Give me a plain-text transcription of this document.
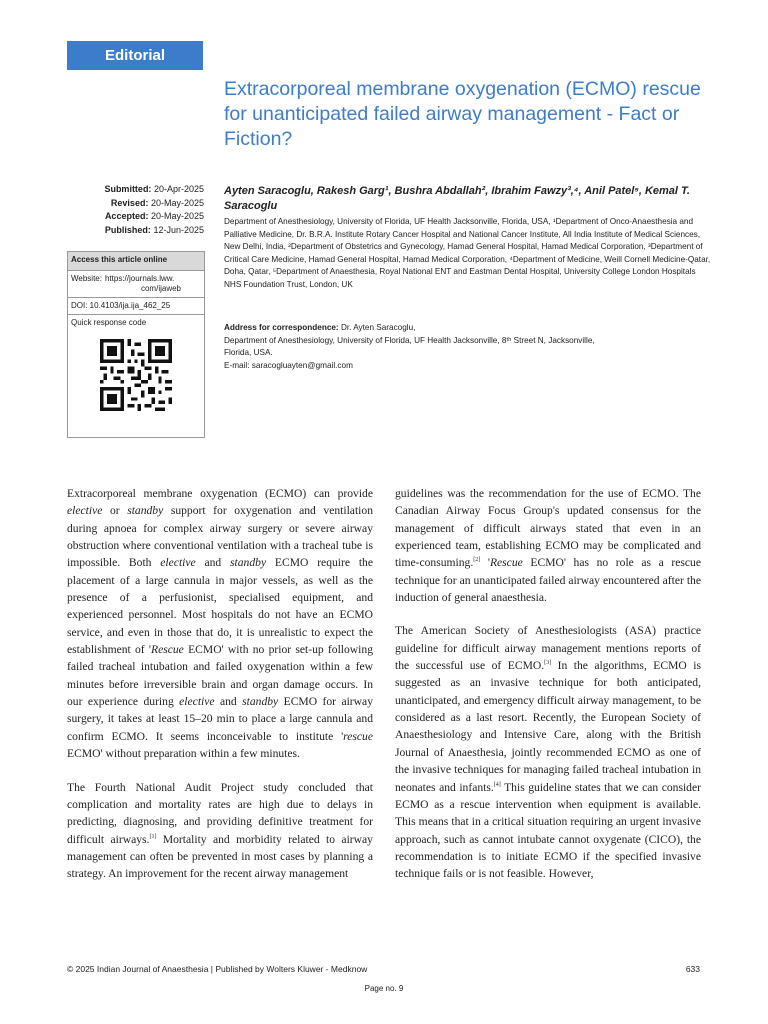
Editorial
Extracorporeal membrane oxygenation (ECMO) rescue for unanticipated failed airway management - Fact or Fiction?
Submitted: 20-Apr-2025
Revised: 20-May-2025
Accepted: 20-May-2025
Published: 12-Jun-2025
Access this article online
Website: https://journals.lww.
com/ijaweb
DOI: 10.4103/ija.ija_462_25
Quick response code
Ayten Saracoglu, Rakesh Garg¹, Bushra Abdallah², Ibrahim Fawzy³,⁴, Anil Patel⁵, Kemal T. Saracoglu
Department of Anesthesiology, University of Florida, UF Health Jacksonville, Florida, USA, ¹Department of Onco-Anaesthesia and Palliative Medicine, Dr. B.R.A. Institute Rotary Cancer Hospital and National Cancer Institute, All India Institute of Medical Sciences, New Delhi, India, ²Department of Obstetrics and Gynecology, Hamad General Hospital, Hamad Medical Corporation, ³Department of Critical Care Medicine, Hamad General Hospital, Hamad Medical Corporation, ⁴Department of Medicine, Weill Cornell Medicine-Qatar, Doha, Qatar, ⁵Department of Anaesthesia, Royal National ENT and Eastman Dental Hospital, University College London Hospitals NHS Foundation Trust, London, UK
Address for correspondence: Dr. Ayten Saracoglu,
Department of Anesthesiology, University of Florida, UF Health Jacksonville, 8ᵗʰ Street N, Jacksonville,
Florida, USA.
E-mail: saracogluayten@gmail.com

Extracorporeal membrane oxygenation (ECMO) can provide elective or standby support for oxygenation and ventilation during apnoea for complex airway surgery or severe airway obstruction where conventional ventilation with a tracheal tube is impossible. Both elective and standby ECMO require the placement of a large cannula in major vessels, as well as the presence of a perfusionist, specialised equipment, and experienced personnel. Most hospitals do not have an ECMO service, and even in those that do, it is unrealistic to expect the establishment of 'Rescue ECMO' with no prior set-up following failed tracheal intubation and failed oxygenation within a few minutes before irreversible brain and organ damage occurs. In our experience during elective and standby ECMO for airway surgery, it takes at least 15–20 min to place a large cannula and confirm ECMO. It seems inconceivable to institute 'rescue ECMO' without preparation within a few minutes.

The Fourth National Audit Project study concluded that complication and mortality rates are high due to delays in predicting, diagnosing, and providing definitive treatment for difficult airways.[1] Mortality and morbidity related to airway management can often be prevented in most cases by planning a strategy. An improvement for the recent airway management

guidelines was the recommendation for the use of ECMO. The Canadian Airway Focus Group's updated consensus for the management of difficult airways stated that even in an experienced team, establishing ECMO may be complicated and time-consuming.[2] 'Rescue ECMO' has no role as a rescue technique for an unanticipated failed airway encountered after the induction of general anaesthesia.

The American Society of Anesthesiologists (ASA) practice guideline for difficult airway management mentions reports of the successful use of ECMO.[3] In the algorithms, ECMO is suggested as an invasive technique for both anticipated, unanticipated, and emergency difficult airway management, to be considered as a last resort. Recently, the European Society of Anaesthesiology and Intensive Care, along with the British Journal of Anaesthesia, jointly recommended ECMO as one of the invasive techniques for managing failed tracheal intubation in neonates and infants.[4] This guideline states that we can consider ECMO as a rescue intervention when equipment is available. This means that in a critical situation requiring an urgent invasive approach, such as cannot intubate cannot oxygenate (CICO), the recommendation is to initiate ECMO if the specified invasive technique fails or is not feasible. However,

© 2025 Indian Journal of Anaesthesia | Published by Wolters Kluwer - Medknow	633
Page no. 9
